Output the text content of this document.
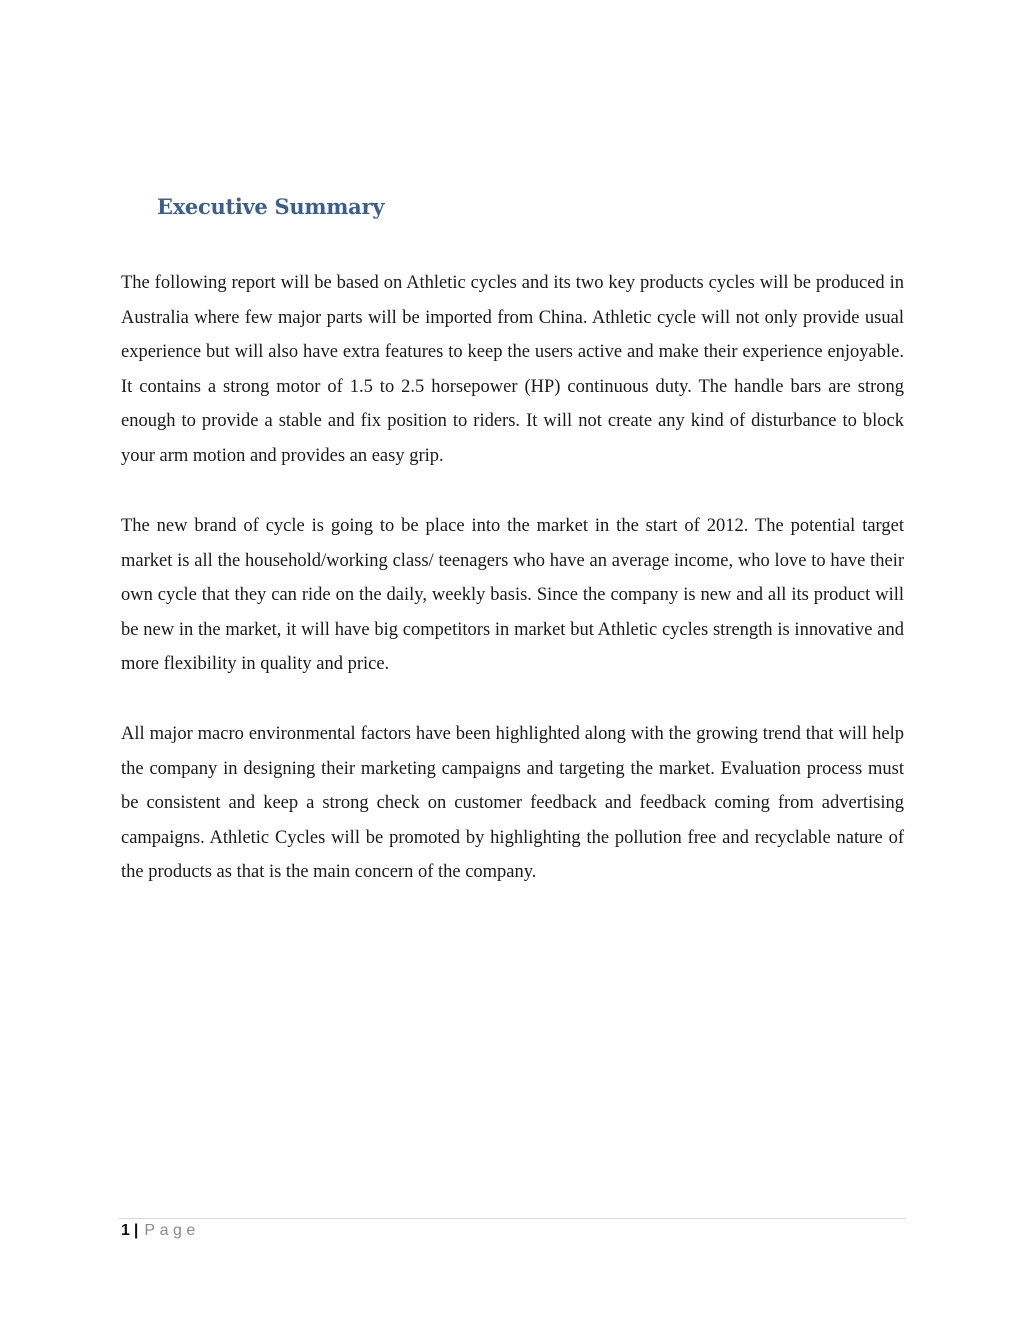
Executive Summary

The following report will be based on Athletic cycles and its two key products cycles will be produced in Australia where few major parts will be imported from China. Athletic cycle will not only provide usual experience but will also have extra features to keep the users active and make their experience enjoyable. It contains a strong motor of 1.5 to 2.5 horsepower (HP) continuous duty. The handle bars are strong enough to provide a stable and fix position to riders. It will not create any kind of disturbance to block your arm motion and provides an easy grip.

The new brand of cycle is going to be place into the market in the start of 2012. The potential target market is all the household/working class/ teenagers who have an average income, who love to have their own cycle that they can ride on the daily, weekly basis. Since the company is new and all its product will be new in the market, it will have big competitors in market but Athletic cycles strength is innovative and more flexibility in quality and price.

All major macro environmental factors have been highlighted along with the growing trend that will help the company in designing their marketing campaigns and targeting the market. Evaluation process must be consistent and keep a strong check on customer feedback and feedback coming from advertising campaigns. Athletic Cycles will be promoted by highlighting the pollution free and recyclable nature of the products as that is the main concern of the company.

1 | Page
